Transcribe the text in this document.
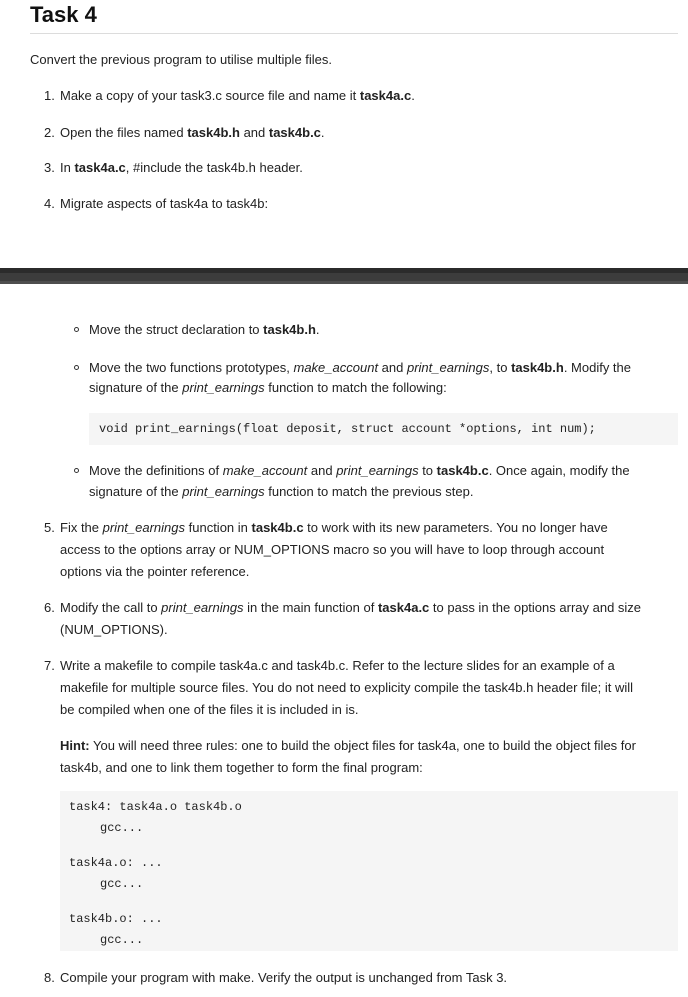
Task 4
Convert the previous program to utilise multiple files.
1. Make a copy of your task3.c source file and name it task4a.c.
2. Open the files named task4b.h and task4b.c.
3. In task4a.c, #include the task4b.h header.
4. Migrate aspects of task4a to task4b:
Move the struct declaration to task4b.h.
Move the two functions prototypes, make_account and print_earnings, to task4b.h. Modify the
signature of the print_earnings function to match the following:
void print_earnings(float deposit, struct account *options, int num);
Move the definitions of make_account and print_earnings to task4b.c. Once again, modify the
signature of the print_earnings function to match the previous step.
5. Fix the print_earnings function in task4b.c to work with its new parameters. You no longer have
access to the options array or NUM_OPTIONS macro so you will have to loop through account
options via the pointer reference.
6. Modify the call to print_earnings in the main function of task4a.c to pass in the options array and size
(NUM_OPTIONS).
7. Write a makefile to compile task4a.c and task4b.c. Refer to the lecture slides for an example of a
makefile for multiple source files. You do not need to explicity compile the task4b.h header file; it will
be compiled when one of the files it is included in is.
Hint: You will need three rules: one to build the object files for task4a, one to build the object files for
task4b, and one to link them together to form the final program:
task4: task4a.o task4b.o
gcc...
task4a.o: ...
gcc...
task4b.o: ...
gcc...
8. Compile your program with make. Verify the output is unchanged from Task 3.
